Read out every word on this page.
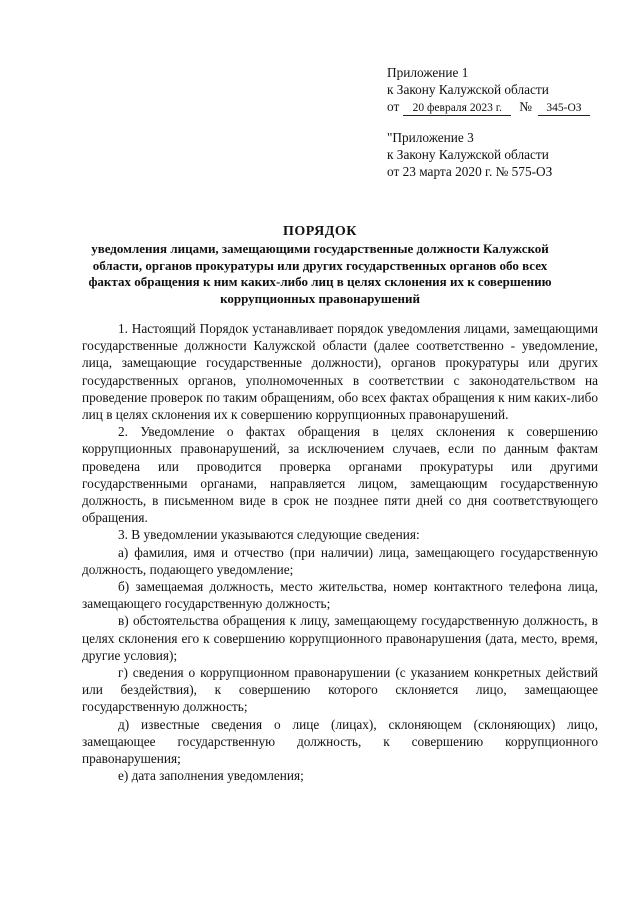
Приложение 1
к Закону Калужской области
от 20 февраля 2023 г. № 345-ОЗ
"Приложение 3
к Закону Калужской области
от 23 марта 2020 г. № 575-ОЗ
ПОРЯДОК
уведомления лицами, замещающими государственные должности Калужской области, органов прокуратуры или других государственных органов обо всех фактах обращения к ним каких-либо лиц в целях склонения их к совершению коррупционных правонарушений

1. Настоящий Порядок устанавливает порядок уведомления лицами, замещающими государственные должности Калужской области (далее соответственно - уведомление, лица, замещающие государственные должности), органов прокуратуры или других государственных органов, уполномоченных в соответствии с законодательством на проведение проверок по таким обращениям, обо всех фактах обращения к ним каких-либо лиц в целях склонения их к совершению коррупционных правонарушений.

2. Уведомление о фактах обращения в целях склонения к совершению коррупционных правонарушений, за исключением случаев, если по данным фактам проведена или проводится проверка органами прокуратуры или другими государственными органами, направляется лицом, замещающим государственную должность, в письменном виде в срок не позднее пяти дней со дня соответствующего обращения.

3. В уведомлении указываются следующие сведения:

а) фамилия, имя и отчество (при наличии) лица, замещающего государственную должность, подающего уведомление;

б) замещаемая должность, место жительства, номер контактного телефона лица, замещающего государственную должность;

в) обстоятельства обращения к лицу, замещающему государственную должность, в целях склонения его к совершению коррупционного правонарушения (дата, место, время, другие условия);

г) сведения о коррупционном правонарушении (с указанием конкретных действий или бездействия), к совершению которого склоняется лицо, замещающее государственную должность;

д) известные сведения о лице (лицах), склоняющем (склоняющих) лицо, замещающее государственную должность, к совершению коррупционного правонарушения;

е) дата заполнения уведомления;
